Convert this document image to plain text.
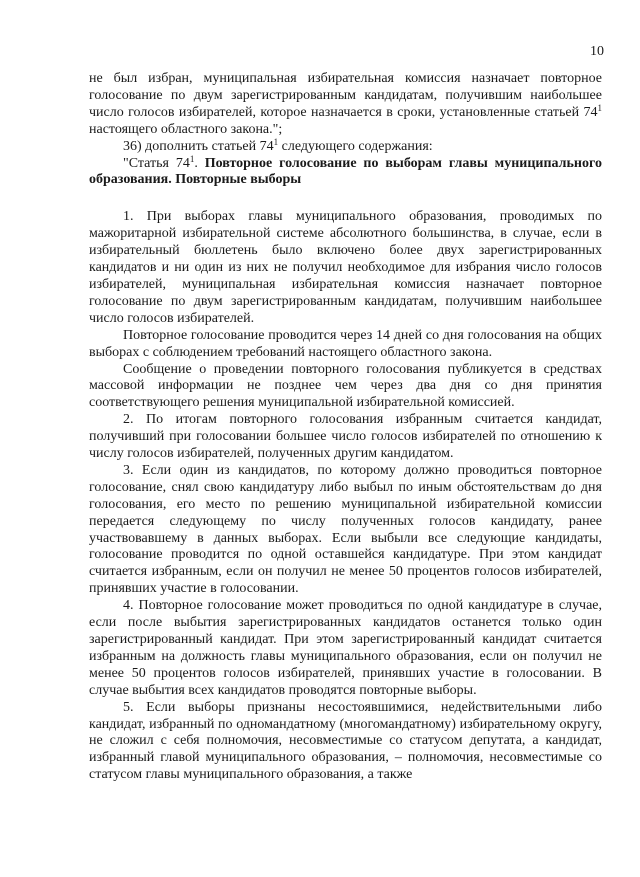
10

не был избран, муниципальная избирательная комиссия назначает повторное голосование по двум зарегистрированным кандидатам, получившим наибольшее число голосов избирателей, которое назначается в сроки, установленные статьей $74^1$ настоящего областного закона.";

36) дополнить статьей $74^1$ следующего содержания:

"Статья $74^1$. Повторное голосование по выборам главы муниципального образования. Повторные выборы

1. При выборах главы муниципального образования, проводимых по мажоритарной избирательной системе абсолютного большинства, в случае, если в избирательный бюллетень было включено более двух зарегистрированных кандидатов и ни один из них не получил необходимое для избрания число голосов избирателей, муниципальная избирательная комиссия назначает повторное голосование по двум зарегистрированным кандидатам, получившим наибольшее число голосов избирателей.

Повторное голосование проводится через 14 дней со дня голосования на общих выборах с соблюдением требований настоящего областного закона.

Сообщение о проведении повторного голосования публикуется в средствах массовой информации не позднее чем через два дня со дня принятия соответствующего решения муниципальной избирательной комиссией.

2. По итогам повторного голосования избранным считается кандидат, получивший при голосовании большее число голосов избирателей по отношению к числу голосов избирателей, полученных другим кандидатом.

3. Если один из кандидатов, по которому должно проводиться повторное голосование, снял свою кандидатуру либо выбыл по иным обстоятельствам до дня голосования, его место по решению муниципальной избирательной комиссии передается следующему по числу полученных голосов кандидату, ранее участвовавшему в данных выборах. Если выбыли все следующие кандидаты, голосование проводится по одной оставшейся кандидатуре. При этом кандидат считается избранным, если он получил не менее 50 процентов голосов избирателей, принявших участие в голосовании.

4. Повторное голосование может проводиться по одной кандидатуре в случае, если после выбытия зарегистрированных кандидатов останется только один зарегистрированный кандидат. При этом зарегистрированный кандидат считается избранным на должность главы муниципального образования, если он получил не менее 50 процентов голосов избирателей, принявших участие в голосовании. В случае выбытия всех кандидатов проводятся повторные выборы.

5. Если выборы признаны несостоявшимися, недействительными либо кандидат, избранный по одномандатному (многомандатному) избирательному округу, не сложил с себя полномочия, несовместимые со статусом депутата, а кандидат, избранный главой муниципального образования, – полномочия, несовместимые со статусом главы муниципального образования, а также
